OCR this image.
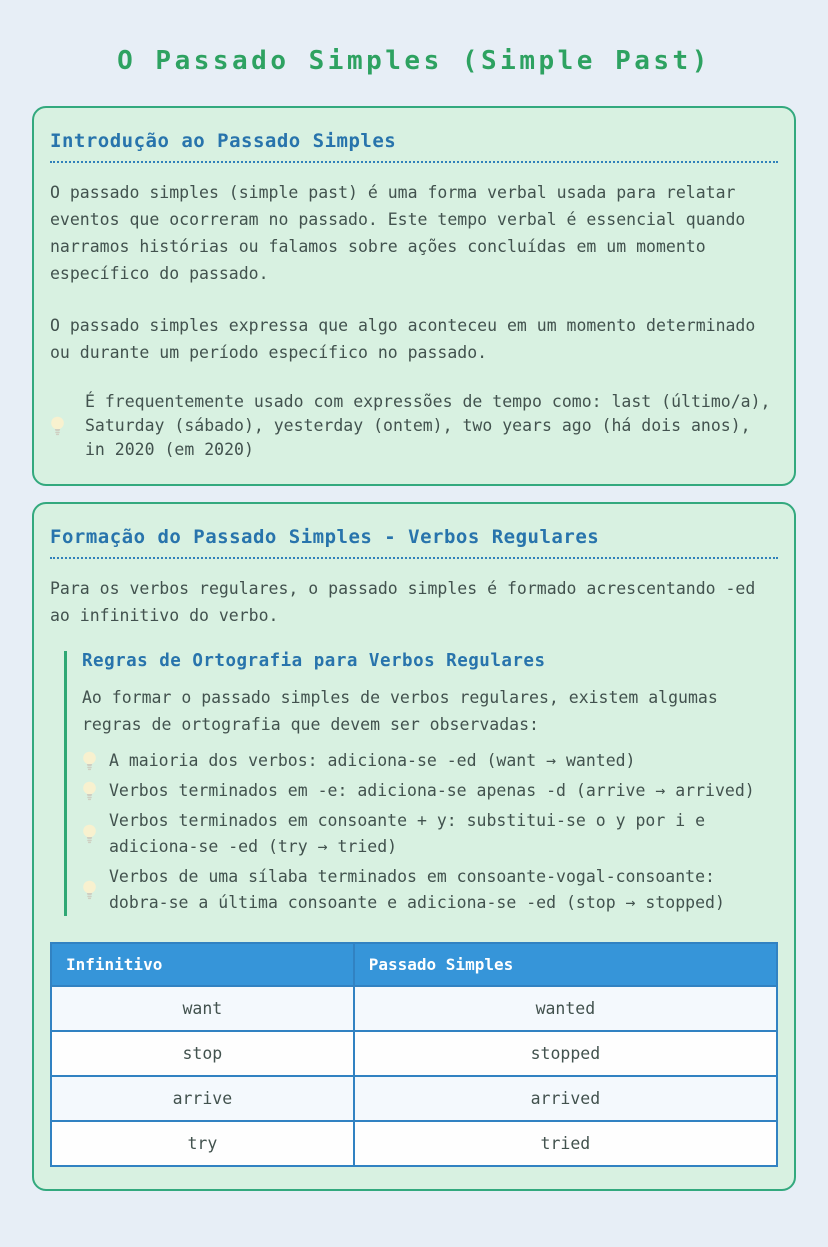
O Passado Simples (Simple Past)
Introdução ao Passado Simples

O passado simples (simple past) é uma forma verbal usada para relatar eventos que ocorreram no passado. Este tempo verbal é essencial quando narramos histórias ou falamos sobre ações concluídas em um momento específico do passado.

O passado simples expressa que algo aconteceu em um momento determinado ou durante um período específico no passado.

É frequentemente usado com expressões de tempo como: last (último/a), Saturday (sábado), yesterday (ontem), two years ago (há dois anos), in 2020 (em 2020)

Formação do Passado Simples - Verbos Regulares

Para os verbos regulares, o passado simples é formado acrescentando -ed ao infinitivo do verbo.

Regras de Ortografia para Verbos Regulares

Ao formar o passado simples de verbos regulares, existem algumas regras de ortografia que devem ser observadas:

A maioria dos verbos: adiciona-se -ed (want → wanted)
Verbos terminados em -e: adiciona-se apenas -d (arrive → arrived)
Verbos terminados em consoante + y: substitui-se o y por i e adiciona-se -ed (try → tried)
Verbos de uma sílaba terminados em consoante-vogal-consoante: dobra-se a última consoante e adiciona-se -ed (stop → stopped)
Infinitivo	Passado Simples
want	wanted
stop	stopped
arrive	arrived
try	tried
